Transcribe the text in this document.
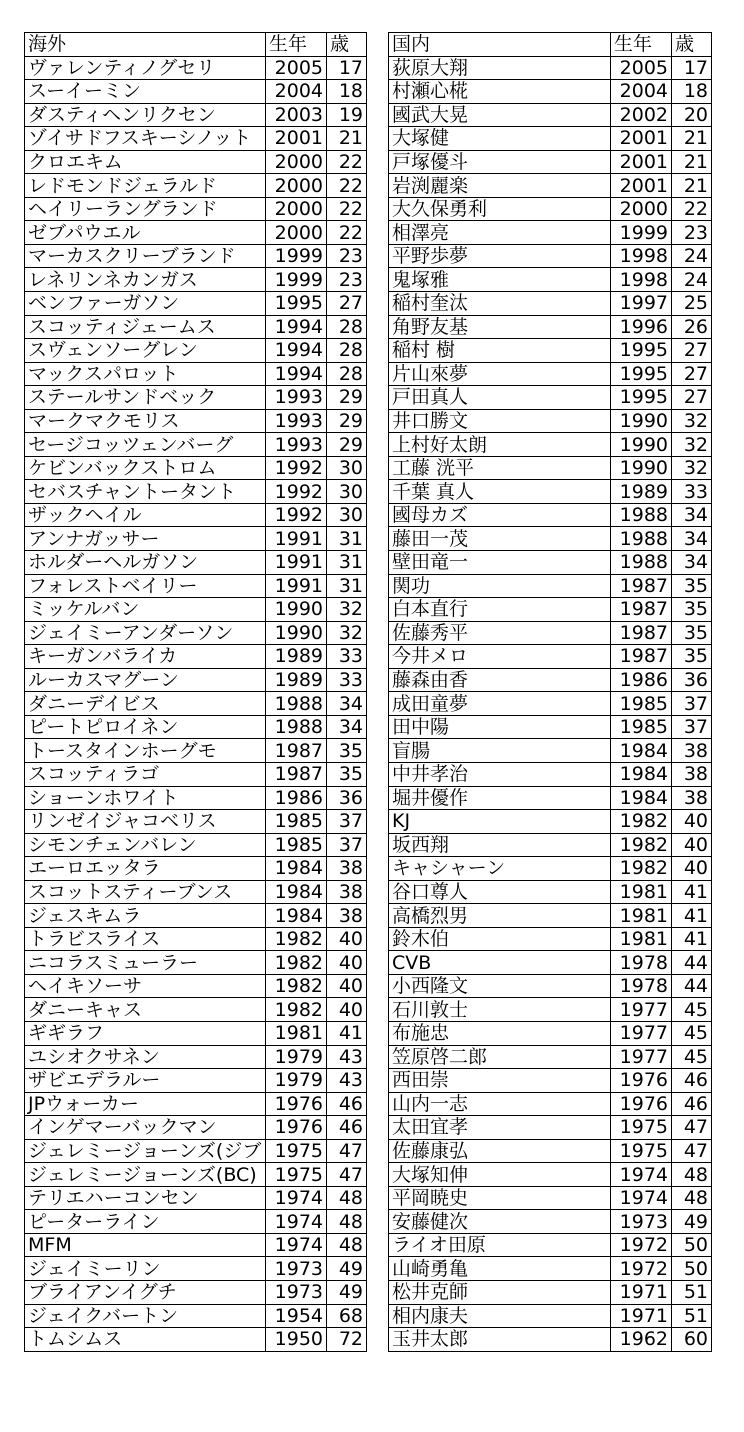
海外	生年	歳
ヴァレンティノグセリ	2005	17
スーイーミン	2004	18
ダスティヘンリクセン	2003	19
ゾイサドフスキーシノット	2001	21
クロエキム	2000	22
レドモンドジェラルド	2000	22
ヘイリーラングランド	2000	22
ゼブパウエル	2000	22
マーカスクリーブランド	1999	23
レネリンネカンガス	1999	23
ベンファーガソン	1995	27
スコッティジェームス	1994	28
スヴェンソーグレン	1994	28
マックスパロット	1994	28
ステールサンドベック	1993	29
マークマクモリス	1993	29
セージコッツェンバーグ	1993	29
ケビンバックストロム	1992	30
セバスチャントータント	1992	30
ザックヘイル	1992	30
アンナガッサー	1991	31
ホルダーヘルガソン	1991	31
フォレストベイリー	1991	31
ミッケルバン	1990	32
ジェイミーアンダーソン	1990	32
キーガンバライカ	1989	33
ルーカスマグーン	1989	33
ダニーデイビス	1988	34
ピートピロイネン	1988	34
トースタインホーグモ	1987	35
スコッティラゴ	1987	35
ショーンホワイト	1986	36
リンゼイジャコベリス	1985	37
シモンチェンバレン	1985	37
エーロエッタラ	1984	38
スコットスティーブンス	1984	38
ジェスキムラ	1984	38
トラビスライス	1982	40
ニコラスミューラー	1982	40
ヘイキソーサ	1982	40
ダニーキャス	1982	40
ギギラフ	1981	41
ユシオクサネン	1979	43
ザビエデラルー	1979	43
JPウォーカー	1976	46
インゲマーバックマン	1976	46
ジェレミージョーンズ(ジブ	1975	47
ジェレミージョーンズ(BC)	1975	47
テリエハーコンセン	1974	48
ピーターライン	1974	48
MFM	1974	48
ジェイミーリン	1973	49
ブライアンイグチ	1973	49
ジェイクバートン	1954	68
トムシムス	1950	72
国内	生年	歳
荻原大翔	2005	17
村瀬心椛	2004	18
國武大晃	2002	20
大塚健	2001	21
戸塚優斗	2001	21
岩渕麗楽	2001	21
大久保勇利	2000	22
相澤亮	1999	23
平野歩夢	1998	24
鬼塚雅	1998	24
稲村奎汰	1997	25
角野友基	1996	26
稲村 樹	1995	27
片山來夢	1995	27
戸田真人	1995	27
井口勝文	1990	32
上村好太朗	1990	32
工藤 洸平	1990	32
千葉 真人	1989	33
國母カズ	1988	34
藤田一茂	1988	34
壁田竜一	1988	34
関功	1987	35
白本直行	1987	35
佐藤秀平	1987	35
今井メロ	1987	35
藤森由香	1986	36
成田童夢	1985	37
田中陽	1985	37
盲腸	1984	38
中井孝治	1984	38
堀井優作	1984	38
KJ	1982	40
坂西翔	1982	40
キャシャーン	1982	40
谷口尊人	1981	41
高橋烈男	1981	41
鈴木伯	1981	41
CVB	1978	44
小西隆文	1978	44
石川敦士	1977	45
布施忠	1977	45
笠原啓二郎	1977	45
西田崇	1976	46
山内一志	1976	46
太田宜孝	1975	47
佐藤康弘	1975	47
大塚知伸	1974	48
平岡暁史	1974	48
安藤健次	1973	49
ライオ田原	1972	50
山崎勇亀	1972	50
松井克師	1971	51
相内康夫	1971	51
玉井太郎	1962	60
